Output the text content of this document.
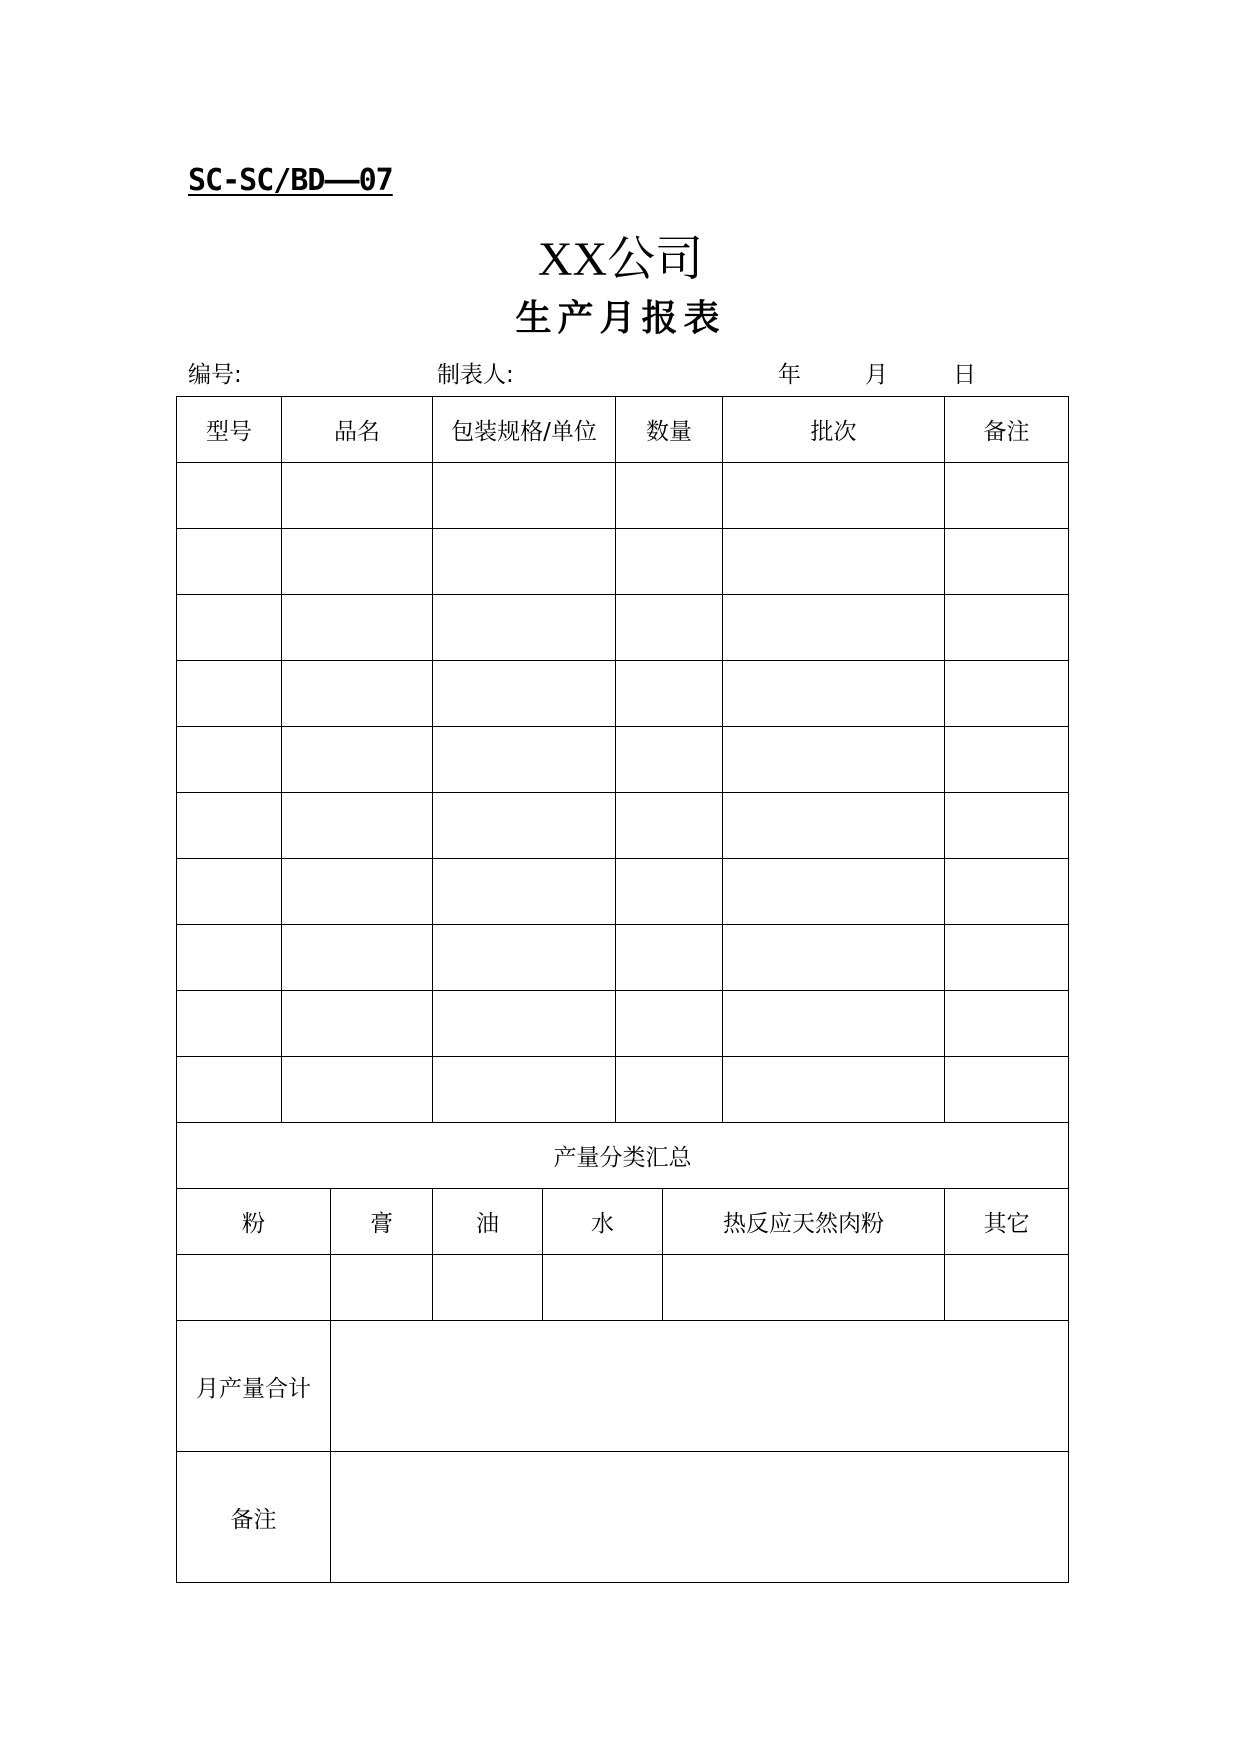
SC-SC/BD——07
XX公司
生产月报表
编号:	制表人:	年	月	日
型号	品名		包装规格/单位		数量		批次	备注

产量分类汇总								
粉		膏	油	水		热反应天然肉粉		其它

月产量合计								
备注								
